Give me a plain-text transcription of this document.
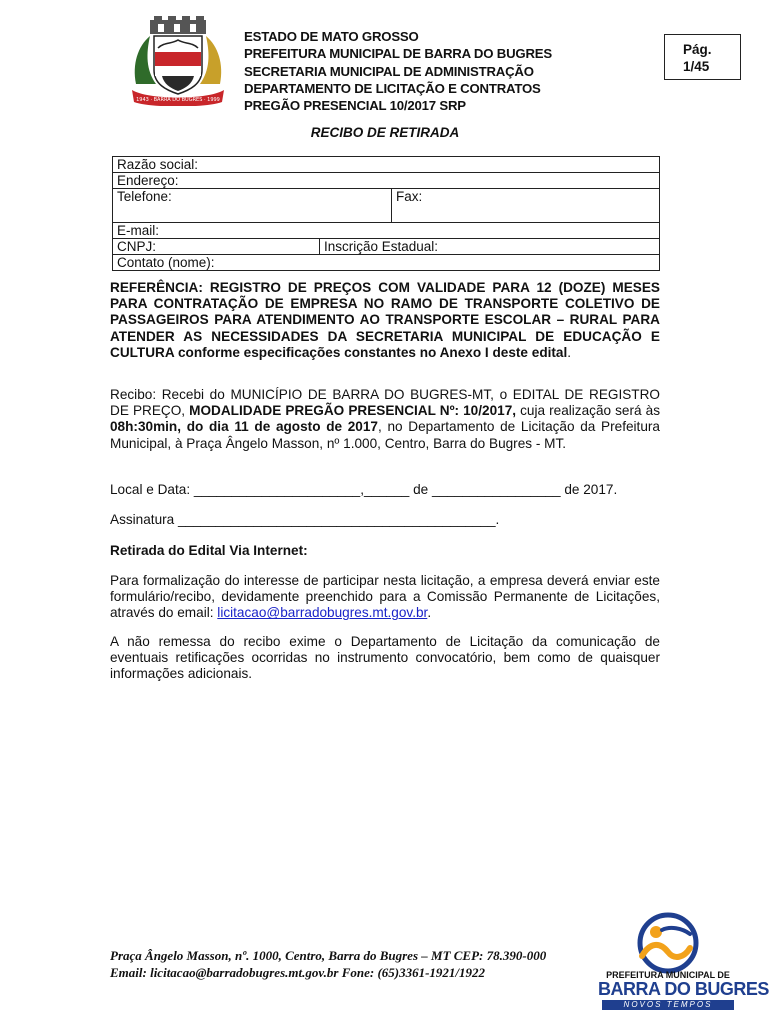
1943 · BARRA DO BUGRES · 1999
ESTADO DE MATO GROSSO
PREFEITURA MUNICIPAL DE BARRA DO BUGRES
SECRETARIA MUNICIPAL DE ADMINISTRAÇÃO
DEPARTAMENTO DE LICITAÇÃO E CONTRATOS
PREGÃO PRESENCIAL 10/2017 SRP
Pág.
1/45
RECIBO DE RETIRADA
Razão social:		
Endereço:		
Telefone:		Fax:
E-mail:		
CNPJ:	Inscrição Estadual:	
Contato (nome):		
REFERÊNCIA: REGISTRO DE PREÇOS COM VALIDADE PARA 12 (DOZE) MESES PARA CONTRATAÇÃO DE EMPRESA NO RAMO DE TRANSPORTE COLETIVO DE PASSAGEIROS PARA ATENDIMENTO AO TRANSPORTE ESCOLAR – RURAL PARA ATENDER AS NECESSIDADES DA SECRETARIA MUNICIPAL DE EDUCAÇÃO E CULTURA conforme especificações constantes no Anexo I deste edital.
Recibo: Recebi do MUNICÍPIO DE BARRA DO BUGRES-MT, o EDITAL DE REGISTRO DE PREÇO, MODALIDADE PREGÃO PRESENCIAL Nº: 10/2017, cuja realização será às 08h:30min, do dia 11 de agosto de 2017, no Departamento de Licitação da Prefeitura Municipal, à Praça Ângelo Masson, nº 1.000, Centro, Barra do Bugres - MT.
Local e Data: ______________________,______ de _________________ de 2017.
Assinatura __________________________________________.
Retirada do Edital Via Internet:
Para formalização do interesse de participar nesta licitação, a empresa deverá enviar este formulário/recibo, devidamente preenchido para a Comissão Permanente de Licitações, através do email: licitacao@barradobugres.mt.gov.br.
A não remessa do recibo exime o Departamento de Licitação da comunicação de eventuais retificações ocorridas no instrumento convocatório, bem como de quaisquer informações adicionais.
Praça Ângelo Masson, nº. 1000, Centro, Barra do Bugres – MT CEP: 78.390-000
Email: licitacao@barradobugres.mt.gov.br Fone: (65)3361-1921/1922	PREFEITURA MUNICIPAL DE
BARRA DO BUGRES
NOVOS TEMPOS
